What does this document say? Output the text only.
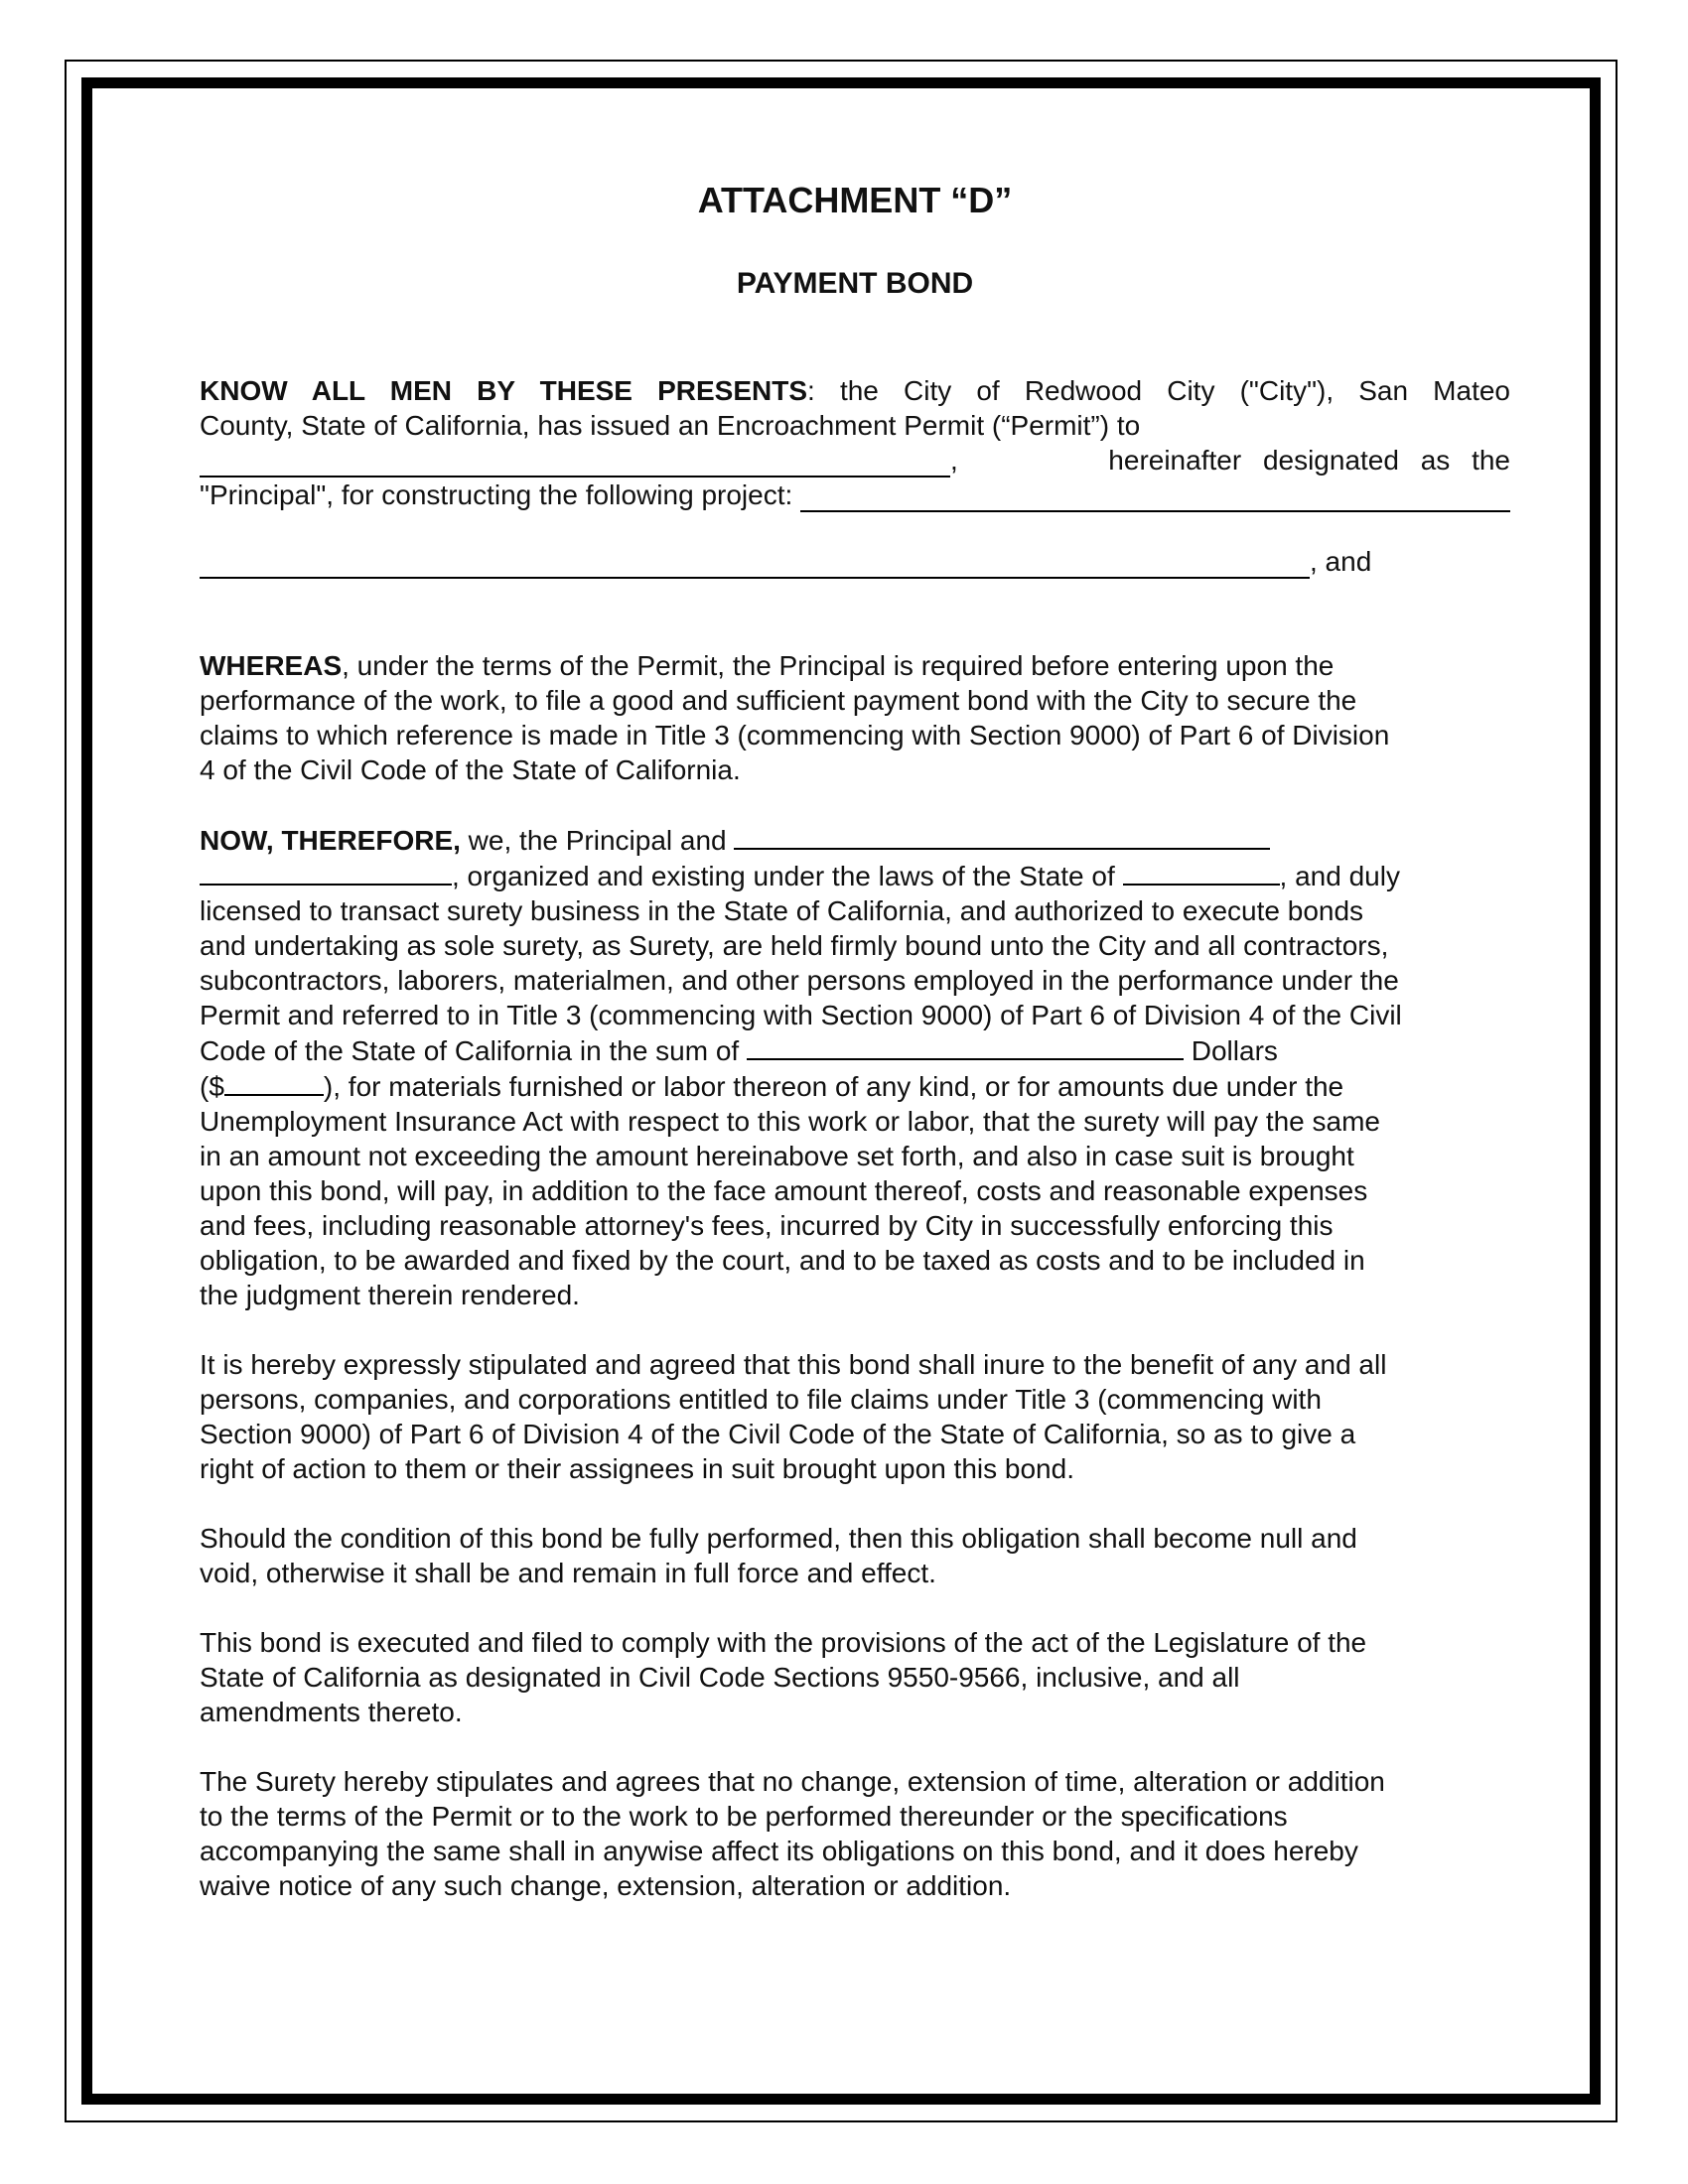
ATTACHMENT “D”
PAYMENT BOND

KNOW ALL MEN BY THESE PRESENTS: the City of Redwood City ("City"), San Mateo
County, State of California, has issued an Encroachment Permit (“Permit”) to
,	hereinafter designated as the
"Principal", for constructing the following project:

, and

WHEREAS, under the terms of the Permit, the Principal is required before entering upon the
performance of the work, to file a good and sufficient payment bond with the City to secure the
claims to which reference is made in Title 3 (commencing with Section 9000) of Part 6 of Division
4 of the Civil Code of the State of California.

NOW, THEREFORE, we, the Principal and
, organized and existing under the laws of the State of	, and duly
licensed to transact surety business in the State of California, and authorized to execute bonds
and undertaking as sole surety, as Surety, are held firmly bound unto the City and all contractors,
subcontractors, laborers, materialmen, and other persons employed in the performance under the
Permit and referred to in Title 3 (commencing with Section 9000) of Part 6 of Division 4 of the Civil
Code of the State of California in the sum of	Dollars
($	), for materials furnished or labor thereon of any kind, or for amounts due under the
Unemployment Insurance Act with respect to this work or labor, that the surety will pay the same
in an amount not exceeding the amount hereinabove set forth, and also in case suit is brought
upon this bond, will pay, in addition to the face amount thereof, costs and reasonable expenses
and fees, including reasonable attorney's fees, incurred by City in successfully enforcing this
obligation, to be awarded and fixed by the court, and to be taxed as costs and to be included in
the judgment therein rendered.

It is hereby expressly stipulated and agreed that this bond shall inure to the benefit of any and all
persons, companies, and corporations entitled to file claims under Title 3 (commencing with
Section 9000) of Part 6 of Division 4 of the Civil Code of the State of California, so as to give a
right of action to them or their assignees in suit brought upon this bond.

Should the condition of this bond be fully performed, then this obligation shall become null and
void, otherwise it shall be and remain in full force and effect.

This bond is executed and filed to comply with the provisions of the act of the Legislature of the
State of California as designated in Civil Code Sections 9550-9566, inclusive, and all
amendments thereto.

The Surety hereby stipulates and agrees that no change, extension of time, alteration or addition
to the terms of the Permit or to the work to be performed thereunder or the specifications
accompanying the same shall in anywise affect its obligations on this bond, and it does hereby
waive notice of any such change, extension, alteration or addition.
